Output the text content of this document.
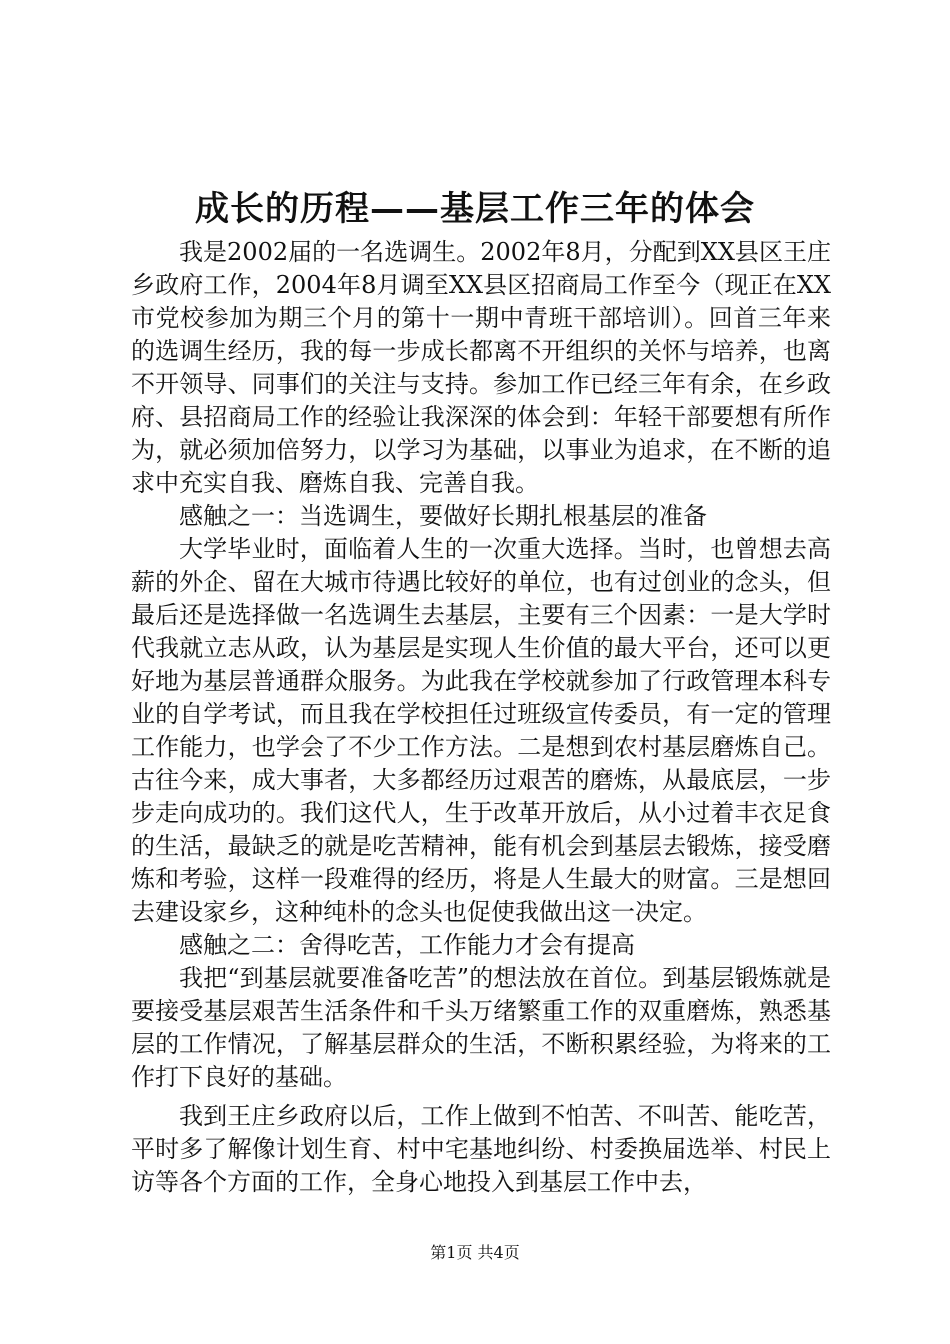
成长的历程——基层工作三年的体会

我是2002届的一名选调生。2002年8月，分配到XX县区王庄乡政府工作，2004年8月调至XX县区招商局工作至今（现正在XX市党校参加为期三个月的第十一期中青班干部培训）。回首三年来的选调生经历，我的每一步成长都离不开组织的关怀与培养，也离不开领导、同事们的关注与支持。参加工作已经三年有余，在乡政府、县招商局工作的经验让我深深的体会到：年轻干部要想有所作为，就必须加倍努力，以学习为基础，以事业为追求，在不断的追求中充实自我、磨炼自我、完善自我。

感触之一：当选调生，要做好长期扎根基层的准备

大学毕业时，面临着人生的一次重大选择。当时，也曾想去高薪的外企、留在大城市待遇比较好的单位，也有过创业的念头，但最后还是选择做一名选调生去基层，主要有三个因素：一是大学时代我就立志从政，认为基层是实现人生价值的最大平台，还可以更好地为基层普通群众服务。为此我在学校就参加了行政管理本科专业的自学考试，而且我在学校担任过班级宣传委员，有一定的管理工作能力，也学会了不少工作方法。二是想到农村基层磨炼自己。古往今来，成大事者，大多都经历过艰苦的磨炼，从最底层，一步步走向成功的。我们这代人，生于改革开放后，从小过着丰衣足食的生活，最缺乏的就是吃苦精神，能有机会到基层去锻炼，接受磨炼和考验，这样一段难得的经历，将是人生最大的财富。三是想回去建设家乡，这种纯朴的念头也促使我做出这一决定。

感触之二：舍得吃苦，工作能力才会有提高

我把“到基层就要准备吃苦”的想法放在首位。到基层锻炼就是要接受基层艰苦生活条件和千头万绪繁重工作的双重磨炼，熟悉基层的工作情况，了解基层群众的生活，不断积累经验，为将来的工作打下良好的基础。

我到王庄乡政府以后，工作上做到不怕苦、不叫苦、能吃苦，平时多了解像计划生育、村中宅基地纠纷、村委换届选举、村民上访等各个方面的工作，全身心地投入到基层工作中去，

第1页 共4页
